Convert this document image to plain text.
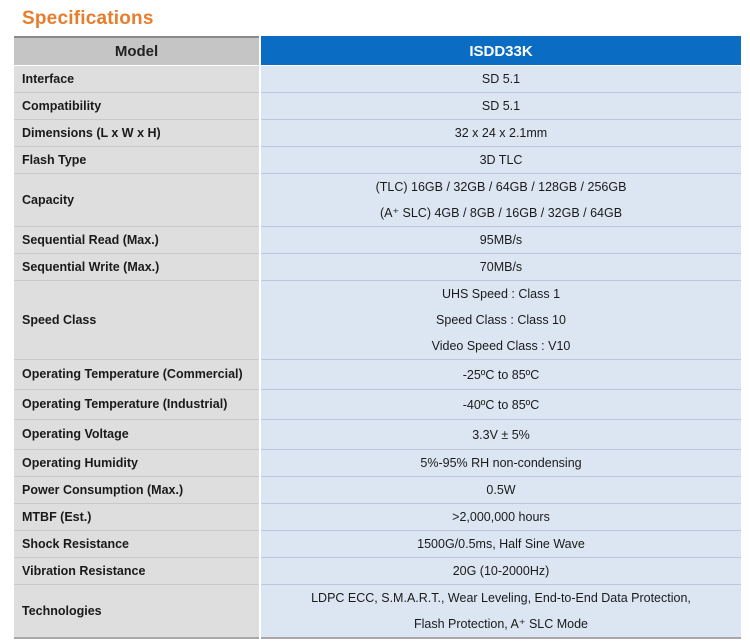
Specifications
Model	ISDD33K
Interface	SD 5.1

Compatibility	SD 5.1

Dimensions (L x W x H)	32 x 24 x 2.1mm

Flash Type	3D TLC

Capacity	(TLC) 16GB / 32GB / 64GB / 128GB / 256GB
(A⁺ SLC) 4GB / 8GB / 16GB / 32GB / 64GB

Sequential Read (Max.)	95MB/s

Sequential Write (Max.)	70MB/s

Speed Class	UHS Speed : Class 1
Speed Class : Class 10
Video Speed Class : V10

Operating Temperature (Commercial)	-25ºC to 85ºC

Operating Temperature (Industrial)	-40ºC to 85ºC

Operating Voltage	3.3V ± 5%

Operating Humidity	5%-95% RH non-condensing

Power Consumption (Max.)	0.5W

MTBF (Est.)	>2,000,000 hours

Shock Resistance	1500G/0.5ms, Half Sine Wave

Vibration Resistance	20G (10-2000Hz)

Technologies	LDPC ECC, S.M.A.R.T., Wear Leveling, End-to-End Data Protection,
Flash Protection, A⁺ SLC Mode
